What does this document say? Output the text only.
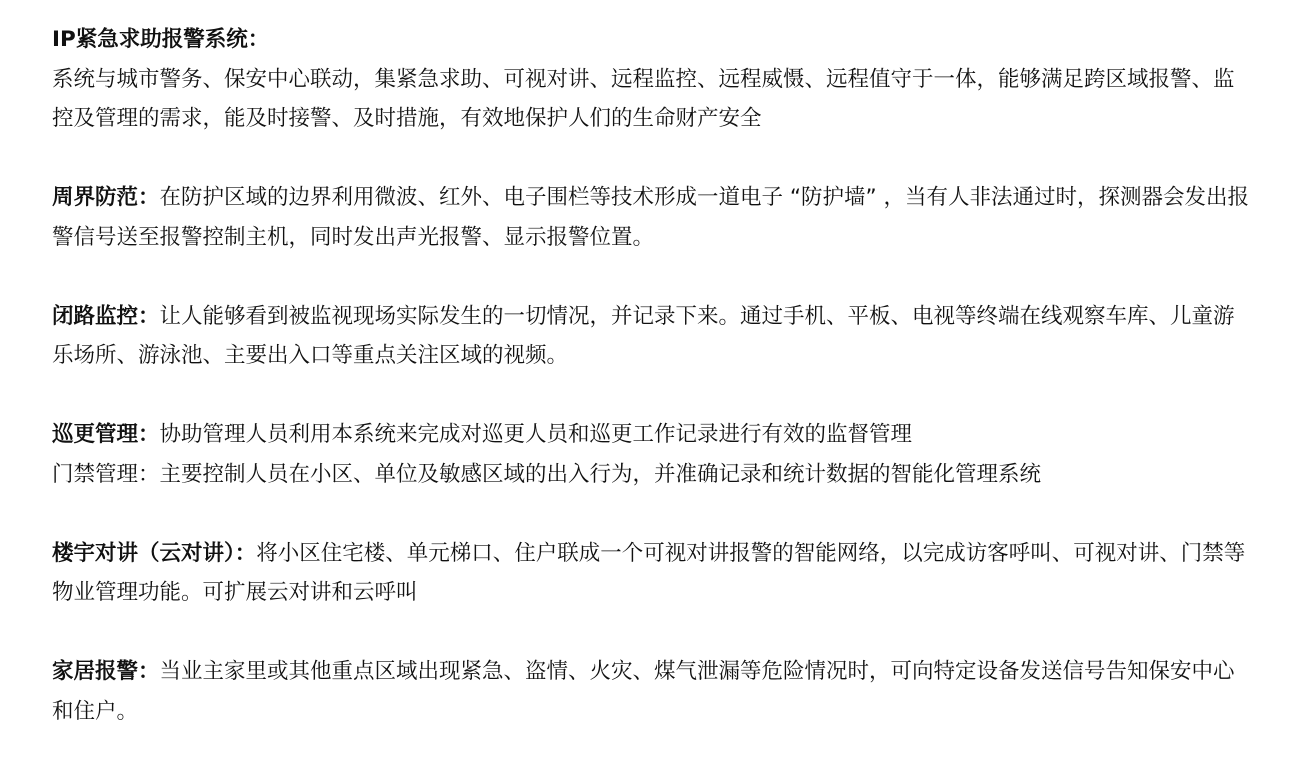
IP紧急求助报警系统：

系统与城市警务、保安中心联动，集紧急求助、可视对讲、远程监控、远程威慑、远程值守于一体，能够满足跨区域报警、监控及管理的需求，能及时接警、及时措施，有效地保护人们的生命财产安全

周界防范：在防护区域的边界利用微波、红外、电子围栏等技术形成一道电子 “防护墙” ，当有人非法通过时，探测器会发出报警信号送至报警控制主机，同时发出声光报警、显示报警位置。

闭路监控：让人能够看到被监视现场实际发生的一切情况，并记录下来。通过手机、平板、电视等终端在线观察车库、儿童游乐场所、游泳池、主要出入口等重点关注区域的视频。

巡更管理：协助管理人员利用本系统来完成对巡更人员和巡更工作记录进行有效的监督管理

门禁管理：主要控制人员在小区、单位及敏感区域的出入行为，并准确记录和统计数据的智能化管理系统

楼宇对讲（云对讲）：将小区住宅楼、单元梯口、住户联成一个可视对讲报警的智能网络，以完成访客呼叫、可视对讲、门禁等物业管理功能。可扩展云对讲和云呼叫

家居报警：当业主家里或其他重点区域出现紧急、盗情、火灾、煤气泄漏等危险情况时，可向特定设备发送信号告知保安中心和住户。
